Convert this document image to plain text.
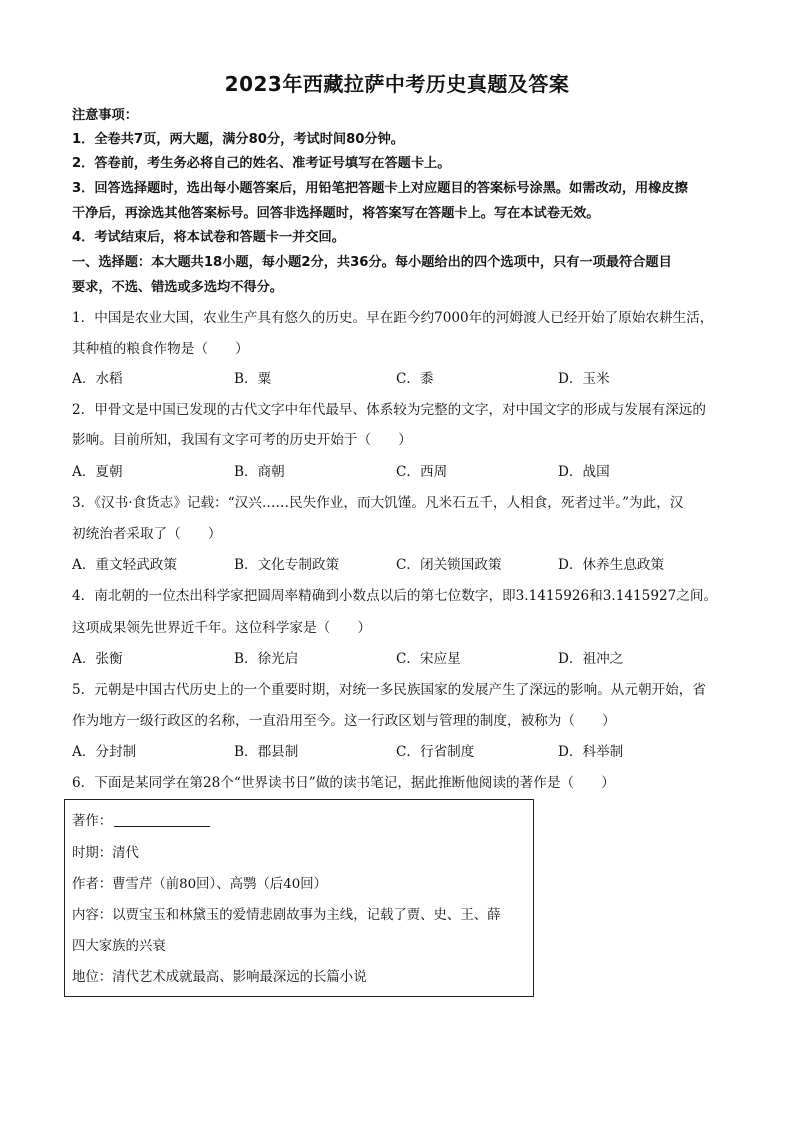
2023年西藏拉萨中考历史真题及答案
注意事项：
1．全卷共7页，两大题，满分80分，考试时间80分钟。
2．答卷前，考生务必将自己的姓名、准考证号填写在答题卡上。
3．回答选择题时，选出每小题答案后，用铅笔把答题卡上对应题目的答案标号涂黑。如需改动，用橡皮擦
干净后，再涂选其他答案标号。回答非选择题时，将答案写在答题卡上。写在本试卷无效。
4．考试结束后，将本试卷和答题卡一并交回。
一、选择题：本大题共18小题，每小题2分，共36分。每小题给出的四个选项中，只有一项最符合题目
要求，不选、错选或多选均不得分。
1．中国是农业大国，农业生产具有悠久的历史。早在距今约7000年的河姆渡人已经开始了原始农耕生活，
其种植的粮食作物是（　　）
A．水稻	B．粟	C．黍	D．玉米
2．甲骨文是中国已发现的古代文字中年代最早、体系较为完整的文字，对中国文字的形成与发展有深远的
影响。目前所知，我国有文字可考的历史开始于（　　）
A．夏朝	B．商朝	C．西周	D．战国
3．《汉书·食货志》记载：“汉兴……民失作业，而大饥馑。凡米石五千，人相食，死者过半。”为此，汉
初统治者采取了（　　）
A．重文轻武政策	B．文化专制政策	C．闭关锁国政策	D．休养生息政策
4．南北朝的一位杰出科学家把圆周率精确到小数点以后的第七位数字，即3.1415926和3.1415927之间。
这项成果领先世界近千年。这位科学家是（　　）
A．张衡	B．徐光启	C．宋应星	D．祖冲之
5．元朝是中国古代历史上的一个重要时期，对统一多民族国家的发展产生了深远的影响。从元朝开始，省
作为地方一级行政区的名称，一直沿用至今。这一行政区划与管理的制度，被称为（　　）
A．分封制	B．郡县制	C．行省制度	D．科举制
6．下面是某同学在第28个“世界读书日”做的读书笔记，据此推断他阅读的著作是（　　）
著作：
时期：清代
作者：曹雪芹（前80回）、高鹗（后40回）
内容：以贾宝玉和林黛玉的爱情悲剧故事为主线，记载了贾、史、王、薛
四大家族的兴衰
地位：清代艺术成就最高、影响最深远的长篇小说
